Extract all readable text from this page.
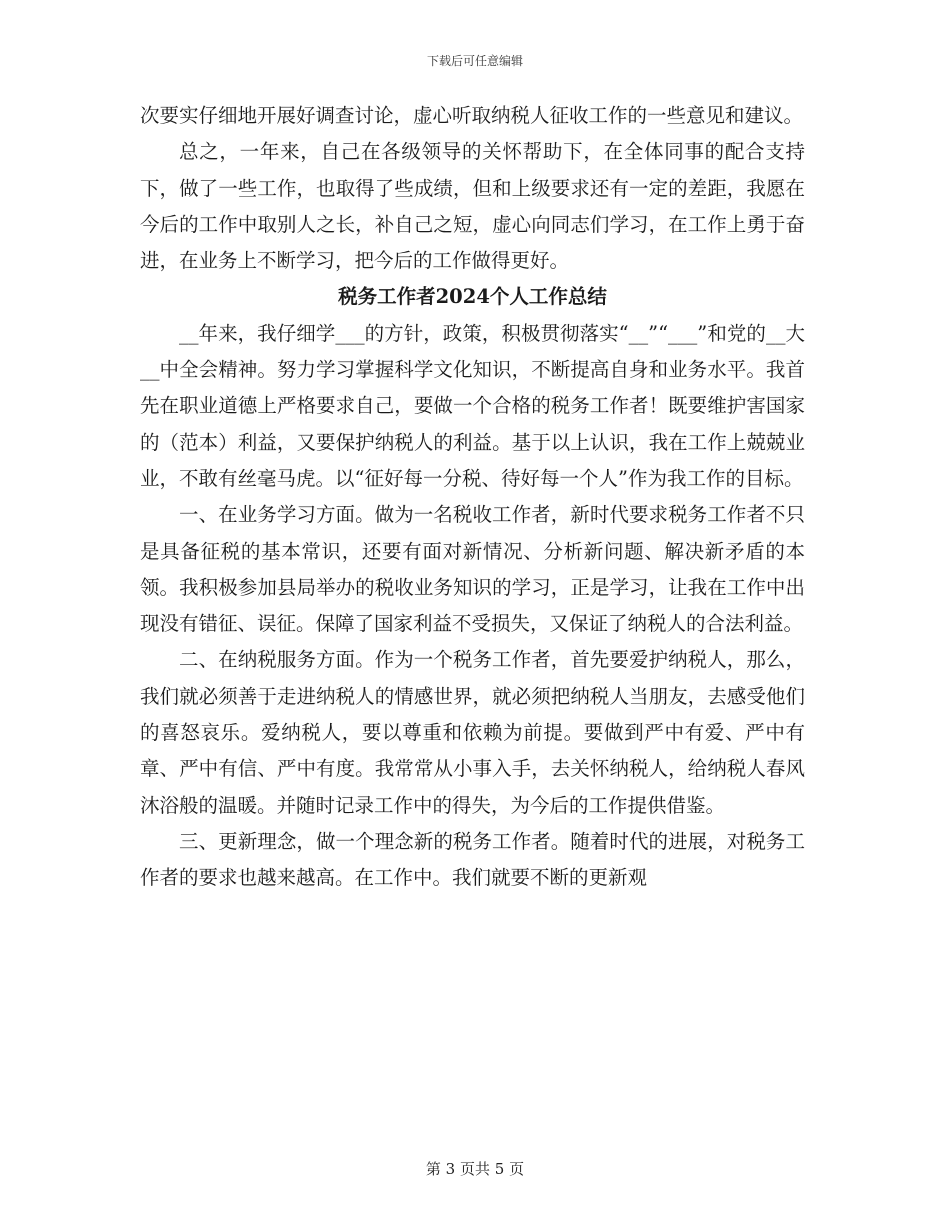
下载后可任意编辑

次要实仔细地开展好调查讨论，虚心听取纳税人征收工作的一些意见和建议。

总之，一年来，自己在各级领导的关怀帮助下，在全体同事的配合支持下，做了一些工作，也取得了些成绩，但和上级要求还有一定的差距，我愿在今后的工作中取别人之长，补自己之短，虚心向同志们学习，在工作上勇于奋进，在业务上不断学习，把今后的工作做得更好。

税务工作者2024个人工作总结

__年来，我仔细学___的方针，政策，积极贯彻落实“__”“___”和党的__大__中全会精神。努力学习掌握科学文化知识，不断提高自身和业务水平。我首先在职业道德上严格要求自己，要做一个合格的税务工作者！既要维护害国家的（范本）利益，又要保护纳税人的利益。基于以上认识，我在工作上兢兢业业，不敢有丝毫马虎。以“征好每一分税、待好每一个人”作为我工作的目标。

一、在业务学习方面。做为一名税收工作者，新时代要求税务工作者不只是具备征税的基本常识，还要有面对新情况、分析新问题、解决新矛盾的本领。我积极参加县局举办的税收业务知识的学习，正是学习，让我在工作中出现没有错征、误征。保障了国家利益不受损失，又保证了纳税人的合法利益。

二、在纳税服务方面。作为一个税务工作者，首先要爱护纳税人，那么，我们就必须善于走进纳税人的情感世界，就必须把纳税人当朋友，去感受他们的喜怒哀乐。爱纳税人，要以尊重和依赖为前提。要做到严中有爱、严中有章、严中有信、严中有度。我常常从小事入手，去关怀纳税人，给纳税人春风沐浴般的温暖。并随时记录工作中的得失，为今后的工作提供借鉴。

三、更新理念，做一个理念新的税务工作者。随着时代的进展，对税务工作者的要求也越来越高。在工作中。我们就要不断的更新观

第 3 页共 5 页
